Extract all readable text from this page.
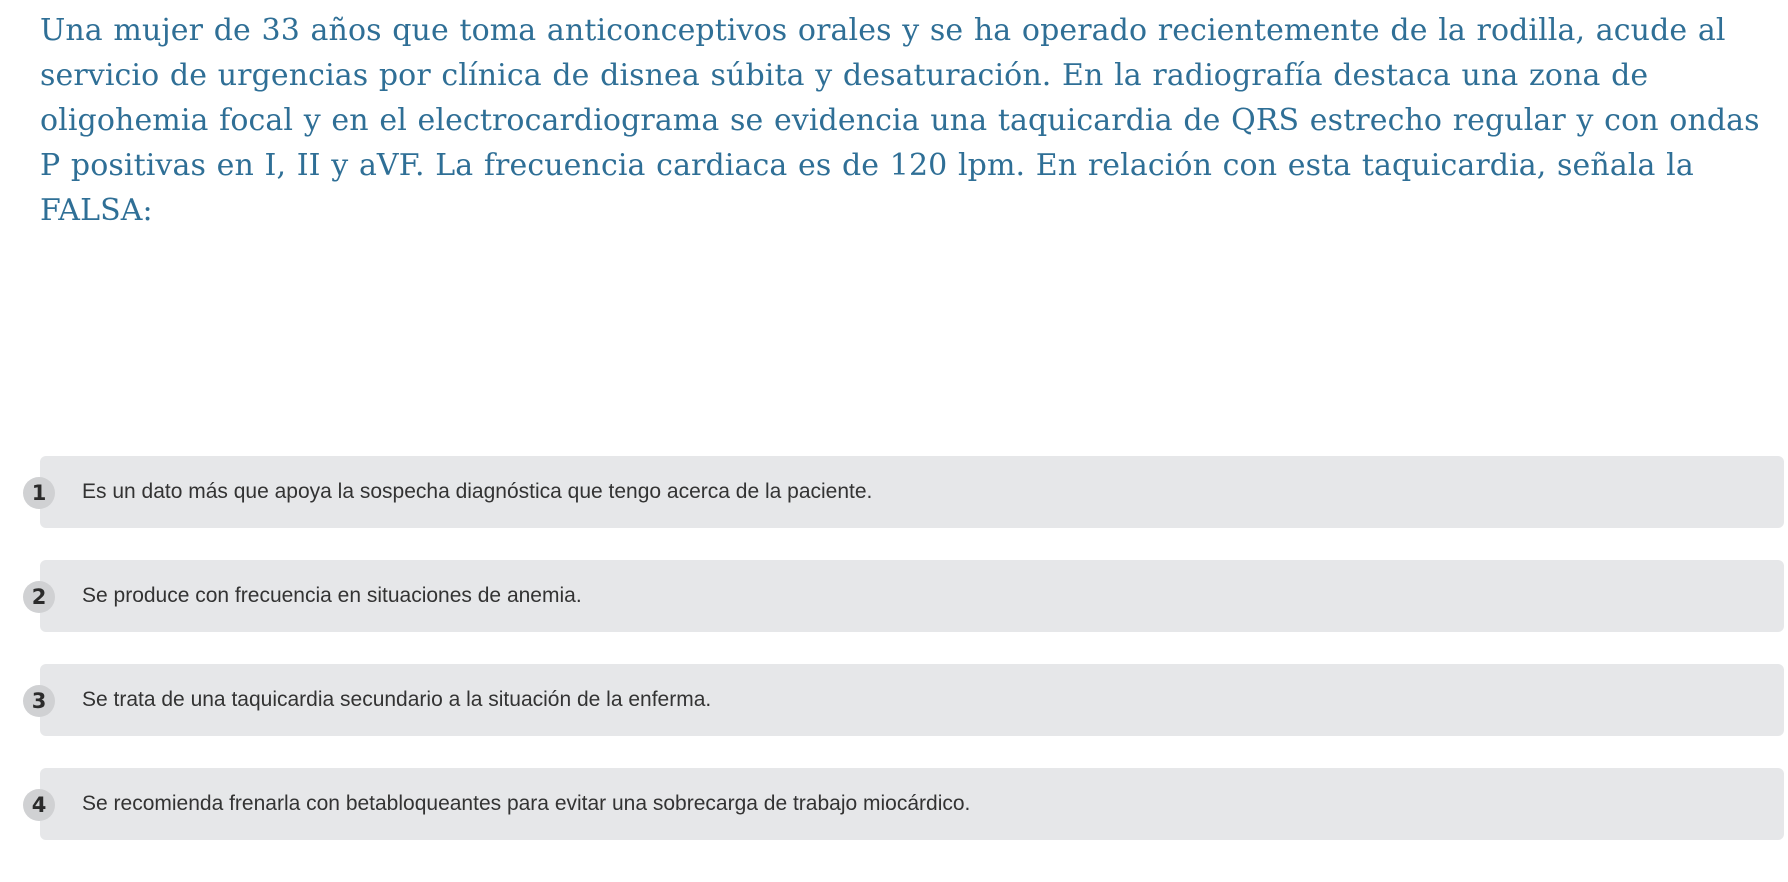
Una mujer de 33 años que toma anticonceptivos orales y se ha operado recientemente de la rodilla, acude al servicio de urgencias por clínica de disnea súbita y desaturación. En la radiografía destaca una zona de oligohemia focal y en el electrocardiograma se evidencia una taquicardia de QRS estrecho regular y con ondas P positivas en I, II y aVF. La frecuencia cardiaca es de 120 lpm. En relación con esta taquicardia, señala la FALSA:

1	Es un dato más que apoya la sospecha diagnóstica que tengo acerca de la paciente.
2	Se produce con frecuencia en situaciones de anemia.
3	Se trata de una taquicardia secundario a la situación de la enferma.
4	Se recomienda frenarla con betabloqueantes para evitar una sobrecarga de trabajo miocárdico.
